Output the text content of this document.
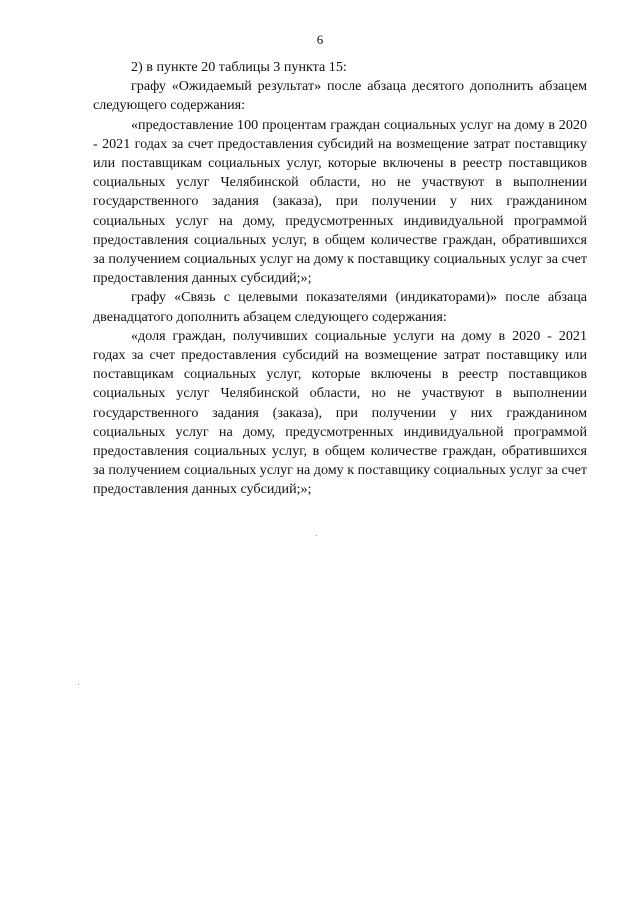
6

2) в пункте 20 таблицы 3 пункта 15:

графу «Ожидаемый результат» после абзаца десятого дополнить абзацем следующего содержания:

«предоставление 100 процентам граждан социальных услуг на дому в 2020 - 2021 годах за счет предоставления субсидий на возмещение затрат поставщику или поставщикам социальных услуг, которые включены в реестр поставщиков социальных услуг Челябинской области, но не участвуют в выполнении государственного задания (заказа), при получении у них гражданином социальных услуг на дому, предусмотренных индивидуальной программой предоставления социальных услуг, в общем количестве граждан, обратившихся за получением социальных услуг на дому к поставщику социальных услуг за счет предоставления данных субсидий;»;

графу «Связь с целевыми показателями (индикаторами)» после абзаца двенадцатого дополнить абзацем следующего содержания:

«доля граждан, получивших социальные услуги на дому в 2020 - 2021 годах за счет предоставления субсидий на возмещение затрат поставщику или поставщикам социальных услуг, которые включены в реестр поставщиков социальных услуг Челябинской области, но не участвуют в выполнении государственного задания (заказа), при получении у них гражданином социальных услуг на дому, предусмотренных индивидуальной программой предоставления социальных услуг, в общем количестве граждан, обратившихся за получением социальных услуг на дому к поставщику социальных услуг за счет предоставления данных субсидий;»;
